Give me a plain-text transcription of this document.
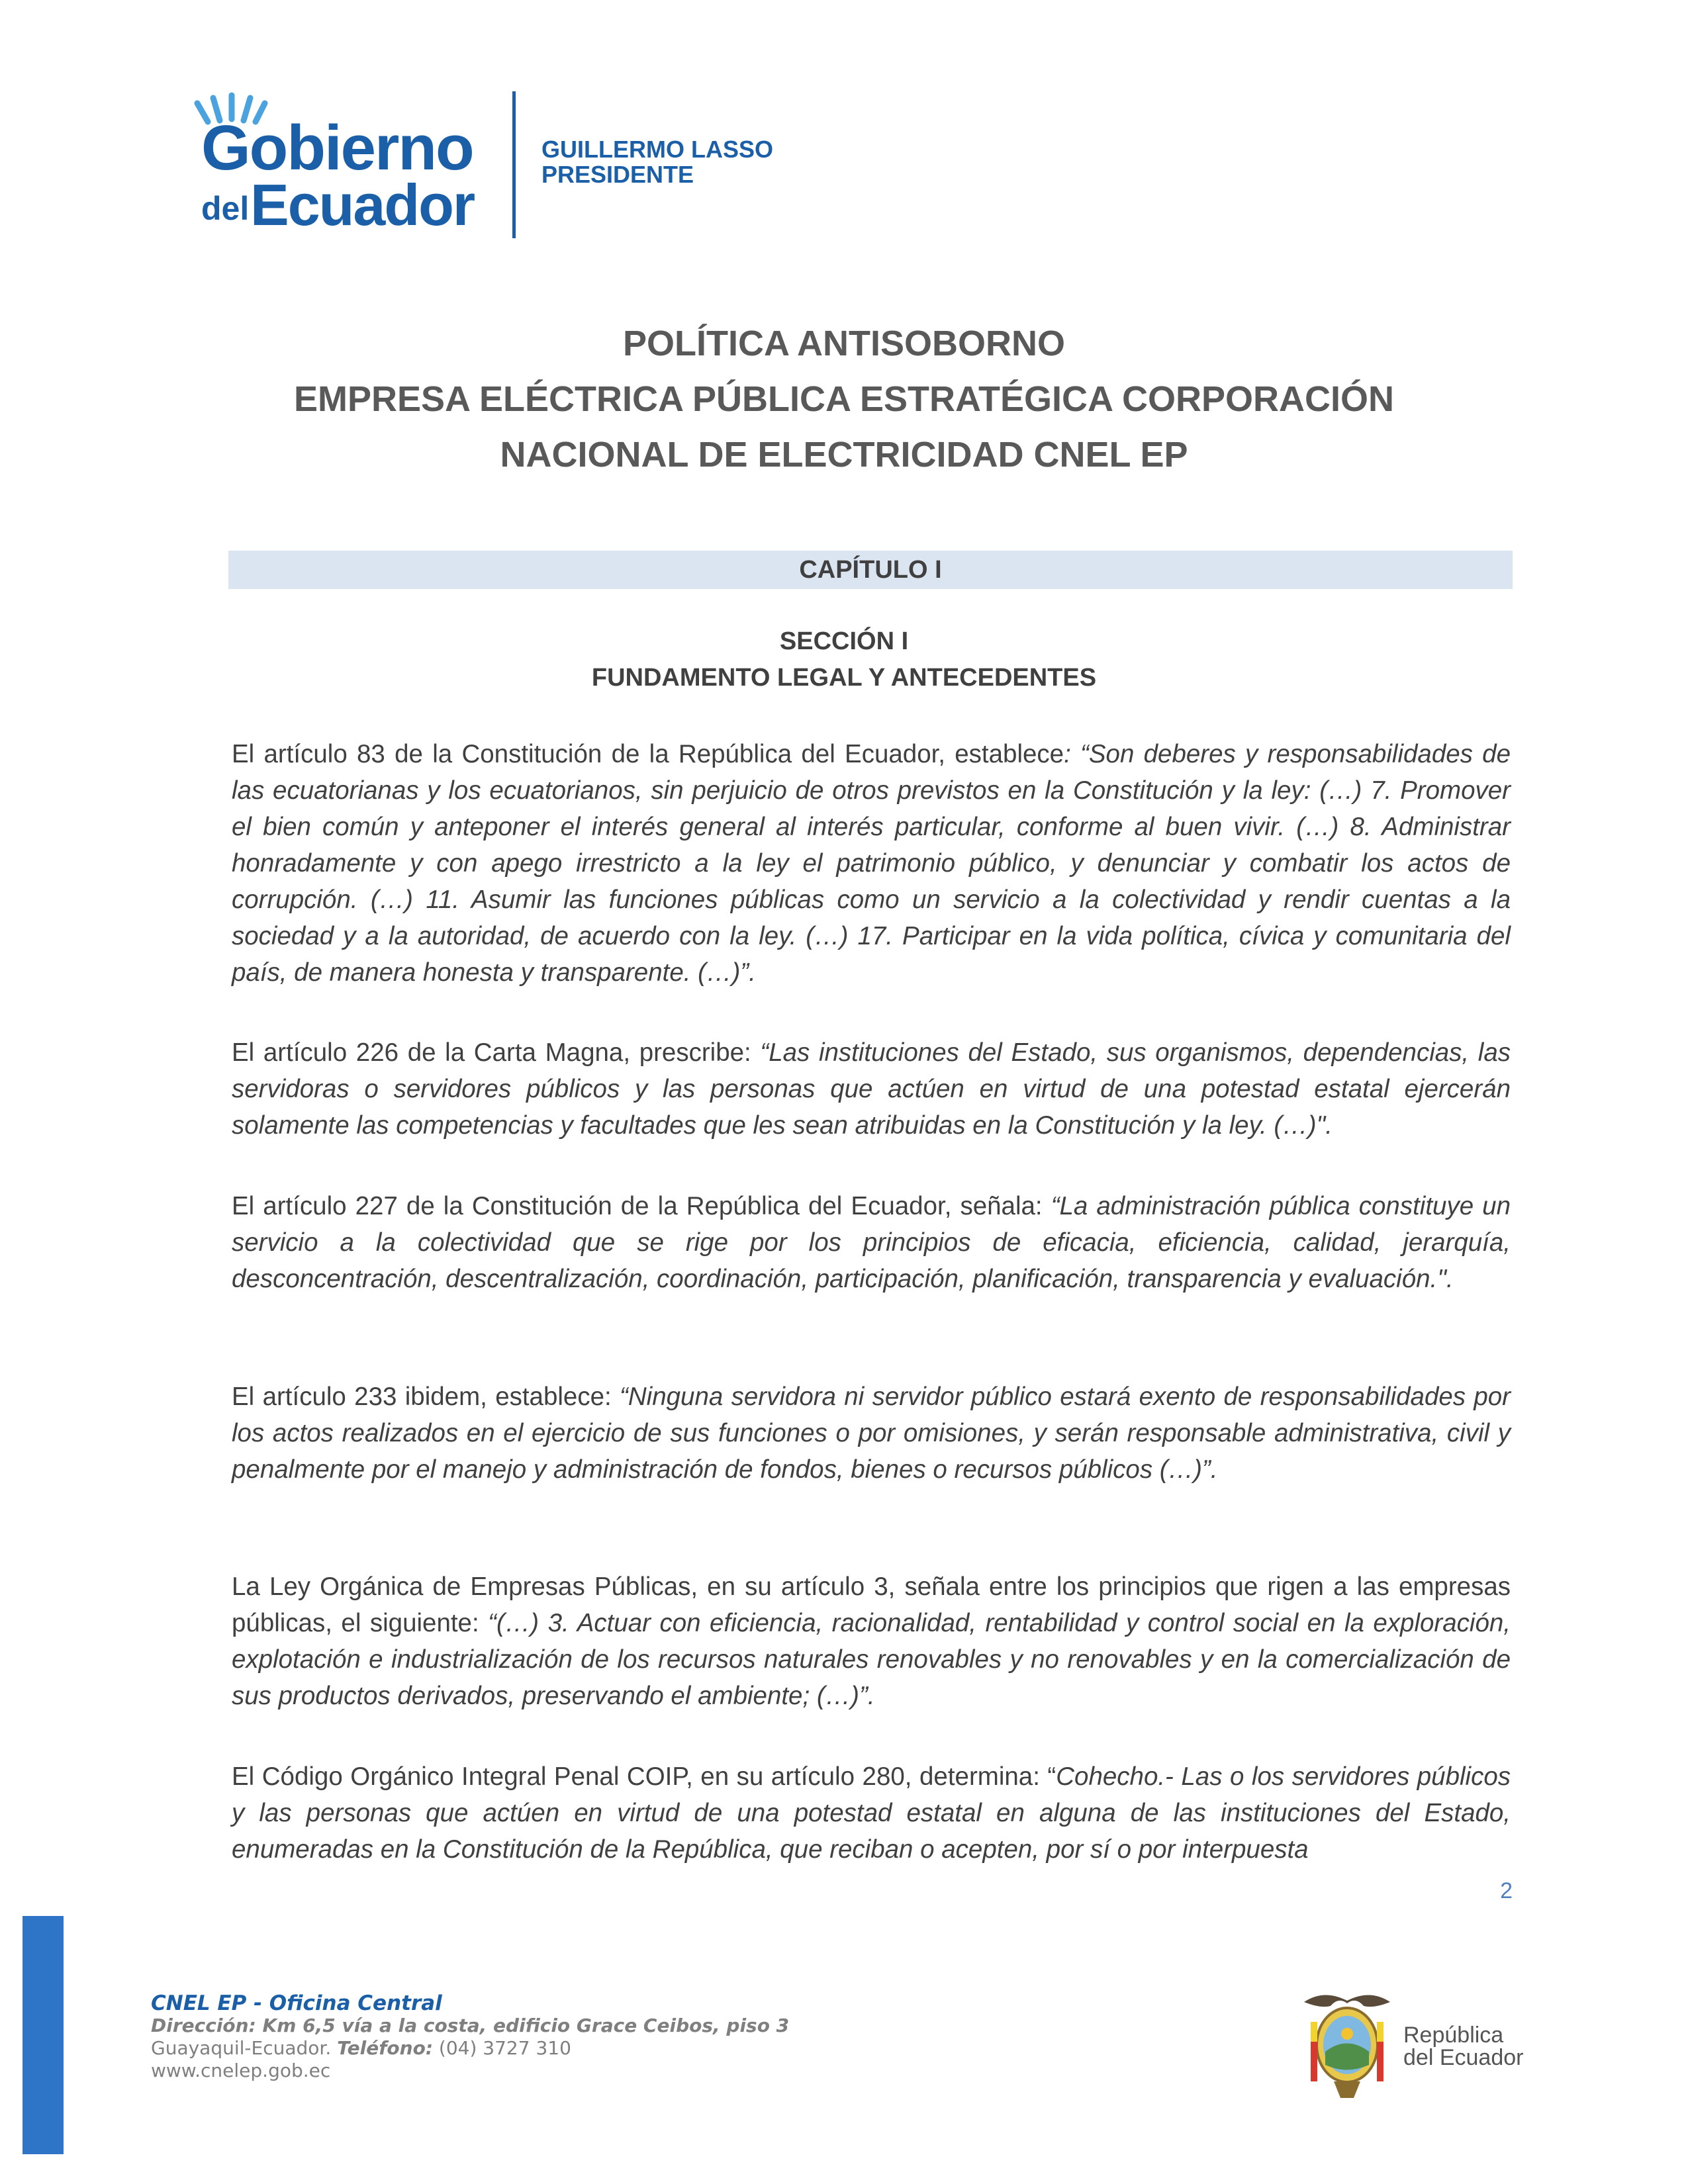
Gobierno
del Ecuador
GUILLERMO LASSO
PRESIDENTE
POLÍTICA ANTISOBORNO
EMPRESA ELÉCTRICA PÚBLICA ESTRATÉGICA CORPORACIÓN
NACIONAL DE ELECTRICIDAD CNEL EP
CAPÍTULO I
SECCIÓN I
FUNDAMENTO LEGAL Y ANTECEDENTES
El artículo 83 de la Constitución de la República del Ecuador, establece: “Son deberes y responsabilidades de las ecuatorianas y los ecuatorianos, sin perjuicio de otros previstos en la Constitución y la ley: (…) 7. Promover el bien común y anteponer el interés general al interés particular, conforme al buen vivir. (…) 8. Administrar honradamente y con apego irrestricto a la ley el patrimonio público, y denunciar y combatir los actos de corrupción. (…) 11. Asumir las funciones públicas como un servicio a la colectividad y rendir cuentas a la sociedad y a la autoridad, de acuerdo con la ley. (…) 17. Participar en la vida política, cívica y comunitaria del país, de manera honesta y transparente. (…)”.
El artículo 226 de la Carta Magna, prescribe: “Las instituciones del Estado, sus organismos, dependencias, las servidoras o servidores públicos y las personas que actúen en virtud de una potestad estatal ejercerán solamente las competencias y facultades que les sean atribuidas en la Constitución y la ley. (…)".
El artículo 227 de la Constitución de la República del Ecuador, señala: “La administración pública constituye un servicio a la colectividad que se rige por los principios de eficacia, eficiencia, calidad, jerarquía, desconcentración, descentralización, coordinación, participación, planificación, transparencia y evaluación.".
El artículo 233 ibidem, establece: “Ninguna servidora ni servidor público estará exento de responsabilidades por los actos realizados en el ejercicio de sus funciones o por omisiones, y serán responsable administrativa, civil y penalmente por el manejo y administración de fondos, bienes o recursos públicos (…)”.
La Ley Orgánica de Empresas Públicas, en su artículo 3, señala entre los principios que rigen a las empresas públicas, el siguiente: “(…) 3. Actuar con eficiencia, racionalidad, rentabilidad y control social en la exploración, explotación e industrialización de los recursos naturales renovables y no renovables y en la comercialización de sus productos derivados, preservando el ambiente; (…)”.
El Código Orgánico Integral Penal COIP, en su artículo 280, determina: “Cohecho.- Las o los servidores públicos y las personas que actúen en virtud de una potestad estatal en alguna de las instituciones del Estado, enumeradas en la Constitución de la República, que reciban o acepten, por sí o por interpuesta
2
CNEL EP - Oficina Central
Dirección: Km 6,5 vía a la costa, edificio Grace Ceibos, piso 3
Guayaquil-Ecuador. Teléfono: (04) 3727 310
www.cnelep.gob.ec
República
del Ecuador
